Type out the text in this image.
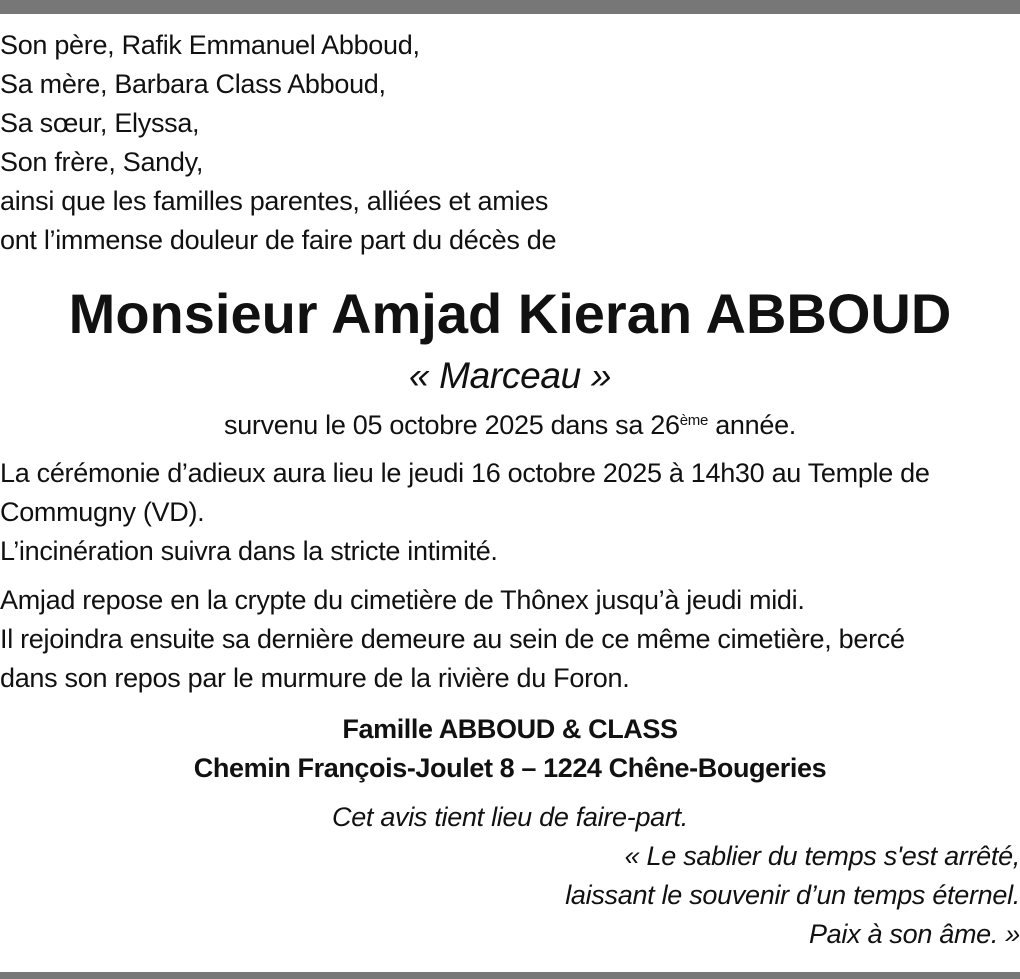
Son père, Rafik Emmanuel Abboud,
Sa mère, Barbara Class Abboud,
Sa sœur, Elyssa,
Son frère, Sandy,
ainsi que les familles parentes, alliées et amies
ont l’immense douleur de faire part du décès de
Monsieur Amjad Kieran ABBOUD
« Marceau »
survenu le 05 octobre 2025 dans sa 26ème année.
La cérémonie d’adieux aura lieu le jeudi 16 octobre 2025 à 14h30 au Temple de
Commugny (VD).
L’incinération suivra dans la stricte intimité.
Amjad repose en la crypte du cimetière de Thônex jusqu’à jeudi midi.
Il rejoindra ensuite sa dernière demeure au sein de ce même cimetière, bercé
dans son repos par le murmure de la rivière du Foron.
Famille ABBOUD & CLASS
Chemin François-Joulet 8 – 1224 Chêne-Bougeries
Cet avis tient lieu de faire-part.
« Le sablier du temps s'est arrêté,
laissant le souvenir d’un temps éternel.
Paix à son âme. »
